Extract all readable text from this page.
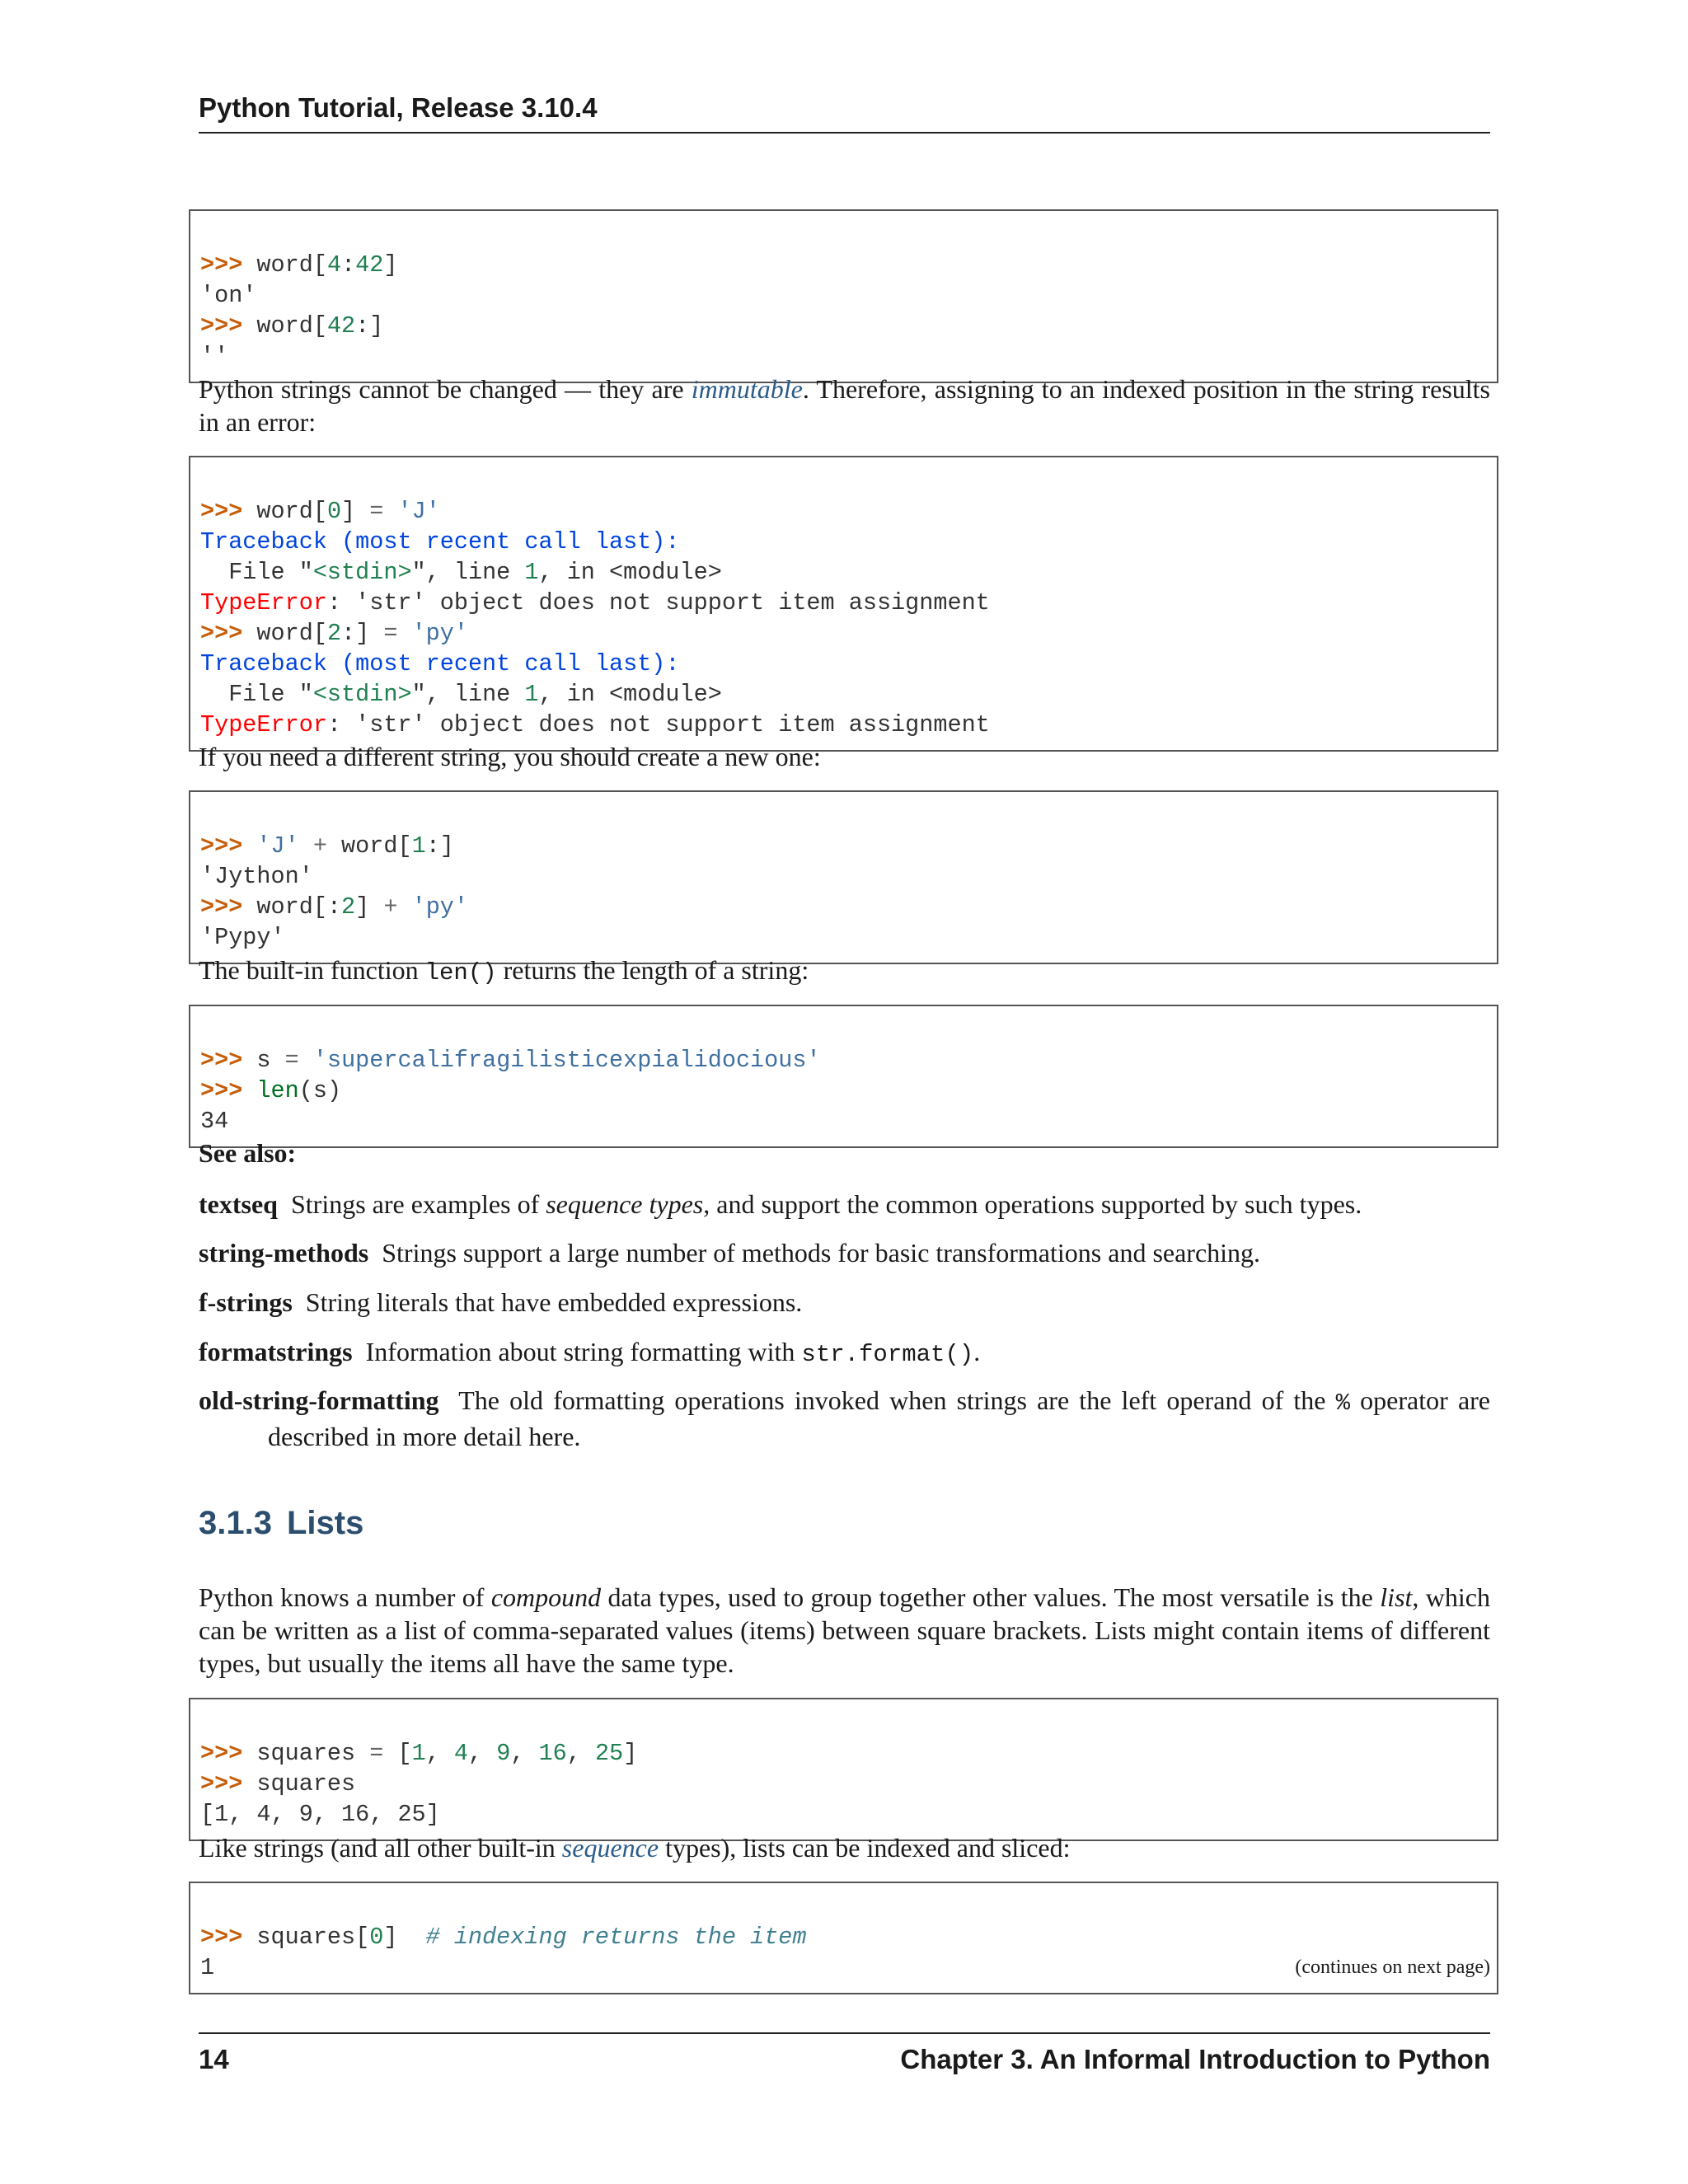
Python Tutorial, Release 3.10.4

>>> word[4:42]
'on'
>>> word[42:]
''
Python strings cannot be changed — they are immutable. Therefore, assigning to an indexed position in the string results in an error:

>>> word[0] = 'J'
Traceback (most recent call last):
File "<stdin>", line 1, in <module>
TypeError: 'str' object does not support item assignment
>>> word[2:] = 'py'
Traceback (most recent call last):
File "<stdin>", line 1, in <module>
TypeError: 'str' object does not support item assignment
If you need a different string, you should create a new one:

>>> 'J' + word[1:]
'Jython'
>>> word[:2] + 'py'
'Pypy'
The built-in function len() returns the length of a string:

>>> s = 'supercalifragilisticexpialidocious'
>>> len(s)
34
See also:
textseq Strings are examples of sequence types, and support the common operations supported by such types.
string-methods Strings support a large number of methods for basic transformations and searching.
f-strings String literals that have embedded expressions.
formatstrings Information about string formatting with str.format().
old-string-formatting The old formatting operations invoked when strings are the left operand of the % operator are described in more detail here.
3.1.3 Lists
Python knows a number of compound data types, used to group together other values. The most versatile is the list, which can be written as a list of comma-separated values (items) between square brackets. Lists might contain items of different types, but usually the items all have the same type.

>>> squares = [1, 4, 9, 16, 25]
>>> squares
[1, 4, 9, 16, 25]
Like strings (and all other built-in sequence types), lists can be indexed and sliced:

>>> squares[0]  # indexing returns the item
1	(continues on next page)
14	Chapter 3. An Informal Introduction to Python
